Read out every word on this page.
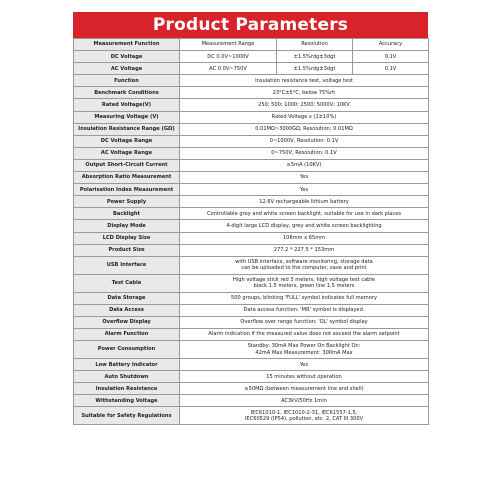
Product Parameters
Measurement Function	Measurement Range	Resolution	Accuracy
DC Voltage	DC 0.0V~1000V	±1.5%rdg±3dgt	0.1V
AC Voltage	AC 0.0V~750V	±1.5%rdg±3dgt	0.1V
Function	Insulation resistance test, voltage test		
Benchmark Conditions	23°C±5°C, below 75%rh		
Rated Voltage(V)	250; 500; 1000; 2500; 5000V; 10KV		
Measuring Voltage (V)	Rated Voltage x (1±10%)		
Insulation Resistance Range (GΩ)	0.01MΩ~3000GΩ, Resolution: 0.01MΩ		
DC Voltage Range	0~1000V, Resolution: 0.1V		
AC Voltage Range	0~750V, Resolution: 0.1V		
Output Short-Circuit Current	≥5mA (10KV)		
Absorption Ratio Measurement	Yes		
Polarisation Index Measurement	Yes		
Power Supply	12.6V rechargeable lithium battery		
Backlight	Controllable grey and white screen backlight, suitable for use in dark places		
Display Mode	4-digit large LCD display, grey and white screen backlighting		
LCD Display Size	108mm x 65mm		
Product Size	277.2 * 227.5 * 153mm		
USB Interface	with USB interface, software monitoring, storage data
can be uploaded to the computer, save and print		

Test Cable	High voltage stick red 3 meters, high voltage test cable
black 1.5 meters, green line 1.5 meters		

Data Storage	500 groups, blinking 'FULL' symbol indicates full memory		
Data Access	Data access function: 'MR' symbol is displayed.		
Overflow Display	Overflow over range function: 'OL' symbol display		
Alarm Function	Alarm indication if the measured value does not exceed the alarm setpoint		
Power Consumption	Standby: 30mA Max Power On Backlight On:
42mA Max Measurement: 300mA Max		

Low Battery Indicator	Yes		
Auto Shutdown	15 minutes without operation		
Insulation Resistance	≥50MΩ (between measurement line and shell)		
Withstanding Voltage	AC3kV/50Hz 1min		
Suitable for Safety Regulations	IEC61010-1, IEC1010-2-31, IEC61557-1,5,
IEC60529 (IP54), pollution, etc. 2, CAT III 300V		
